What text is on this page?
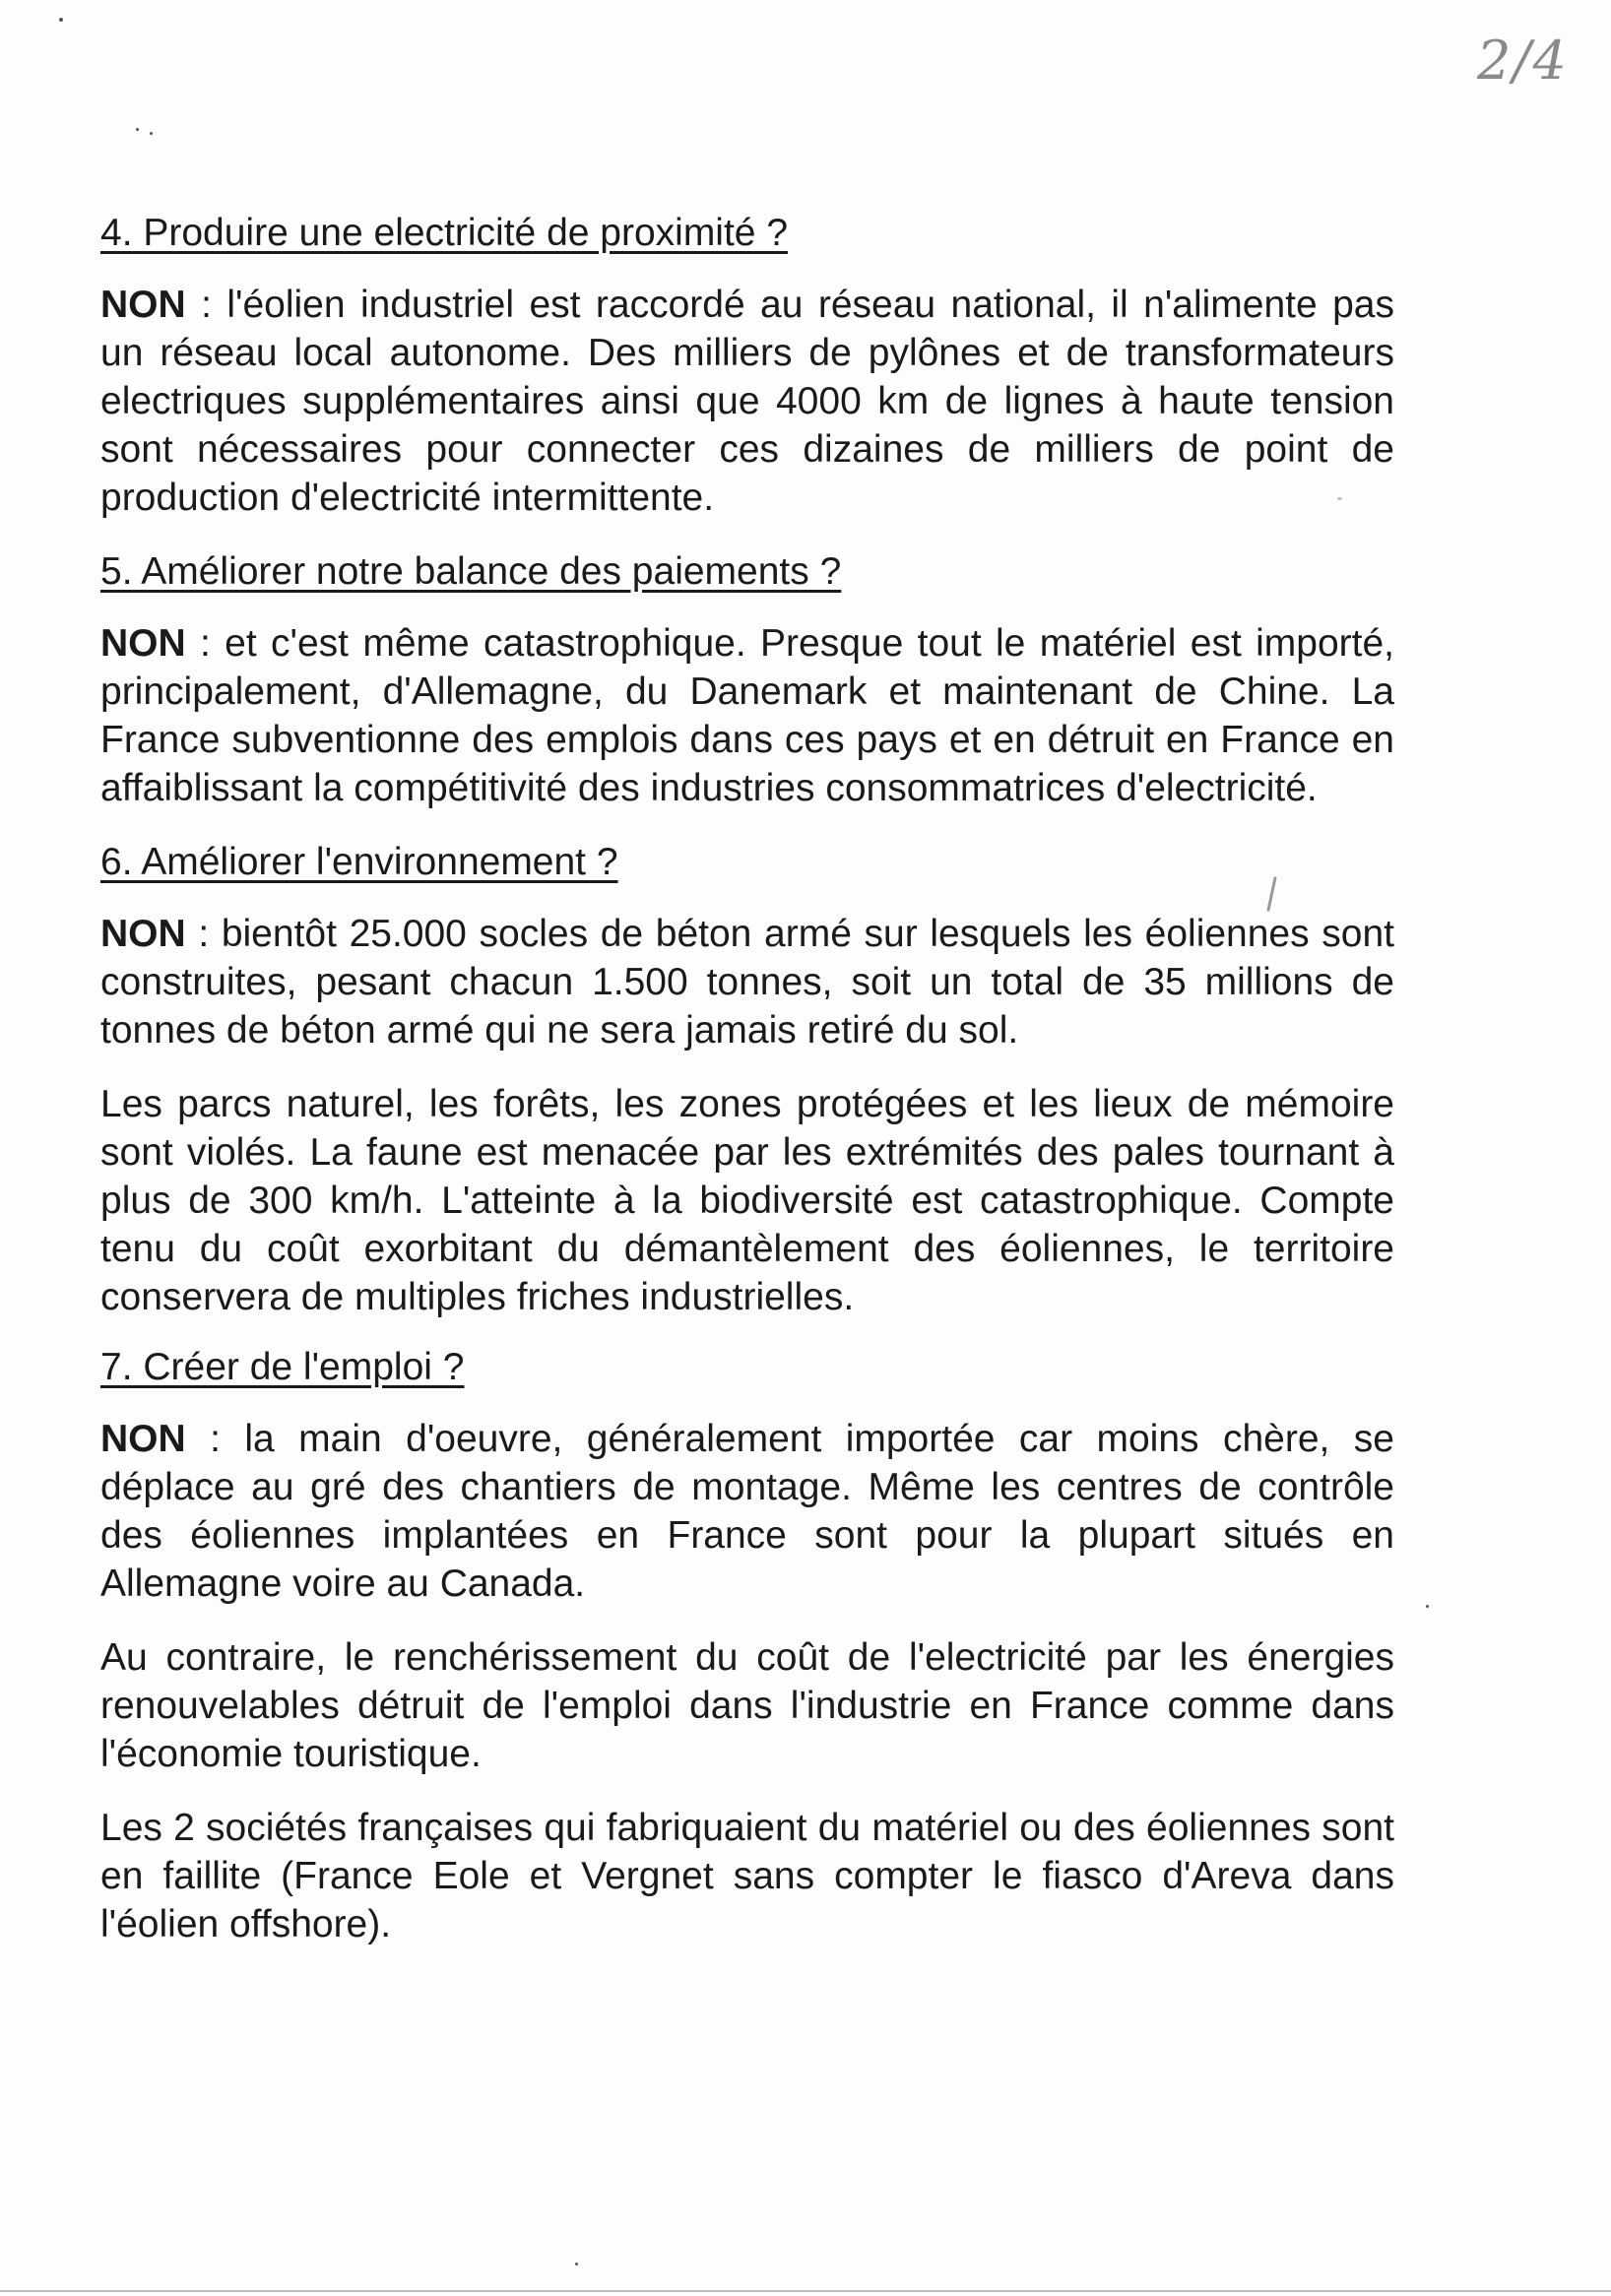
2/4
4. Produire une electricité de proximité ?

NON : l'éolien industriel est raccordé au réseau national, il n'alimente pas un réseau local autonome. Des milliers de pylônes et de transformateurs electriques supplémentaires ainsi que 4000 km de lignes à haute tension sont nécessaires pour connecter ces dizaines de milliers de point de production d'electricité intermittente.

5. Améliorer notre balance des paiements ?

NON : et c'est même catastrophique. Presque tout le matériel est importé, principalement, d'Allemagne, du Danemark et maintenant de Chine. La France subventionne des emplois dans ces pays et en détruit en France en affaiblissant la compétitivité des industries consommatrices d'electricité.

6. Améliorer l'environnement ?

NON : bientôt 25.000 socles de béton armé sur lesquels les éoliennes sont construites, pesant chacun 1.500 tonnes, soit un total de 35 millions de tonnes de béton armé qui ne sera jamais retiré du sol.

Les parcs naturel, les forêts, les zones protégées et les lieux de mémoire sont violés. La faune est menacée par les extrémités des pales tournant à plus de 300 km/h. L'atteinte à la biodiversité est catastrophique. Compte tenu du coût exorbitant du démantèlement des éoliennes, le territoire conservera de multiples friches industrielles.

7. Créer de l'emploi ?

NON : la main d'oeuvre, généralement importée car moins chère, se déplace au gré des chantiers de montage. Même les centres de contrôle des éoliennes implantées en France sont pour la plupart situés en Allemagne voire au Canada.

Au contraire, le renchérissement du coût de l'electricité par les énergies renouvelables détruit de l'emploi dans l'industrie en France comme dans l'économie touristique.

Les 2 sociétés françaises qui fabriquaient du matériel ou des éoliennes sont en faillite (France Eole et Vergnet sans compter le fiasco d'Areva dans l'éolien offshore).
